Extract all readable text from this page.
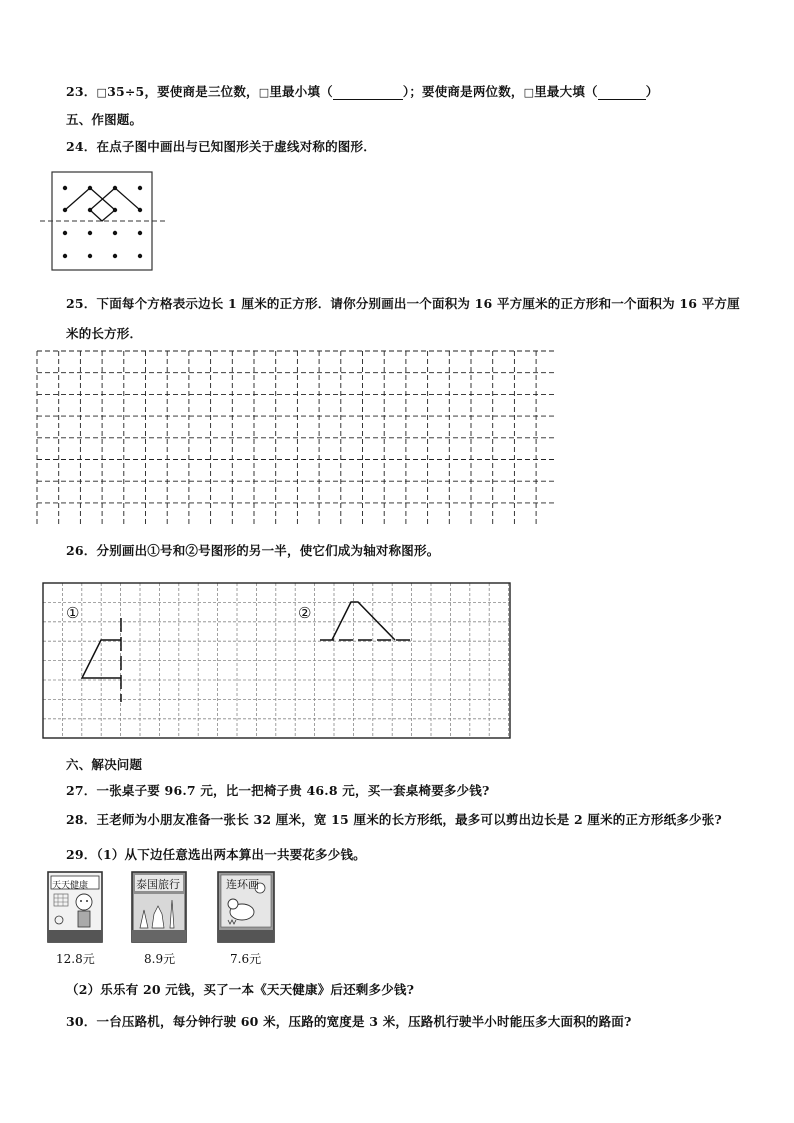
23．□35÷5，要使商是三位数，□里最小填（	）；要使商是两位数，□里最大填（	）
五、作图题。
24．在点子图中画出与已知图形关于虚线对称的图形．
25．下面每个方格表示边长 1 厘米的正方形．请你分别画出一个面积为 16 平方厘米的正方形和一个面积为 16 平方厘
米的长方形．
26．分别画出①号和②号图形的另一半，使它们成为轴对称图形。
①	②
六、解决问题
27．一张桌子要 96.7 元，比一把椅子贵 46.8 元，买一套桌椅要多少钱?
28．王老师为小朋友准备一张长 32 厘米，宽 15 厘米的长方形纸，最多可以剪出边长是 2 厘米的正方形纸多少张?
29．（1）从下边任意选出两本算出一共要花多少钱。
天天健康
12.8元
泰国旅行
8.9元
连环画
7.6元
（2）乐乐有 20 元钱，买了一本《天天健康》后还剩多少钱?
30．一台压路机，每分钟行驶 60 米，压路的宽度是 3 米，压路机行驶半小时能压多大面积的路面?
